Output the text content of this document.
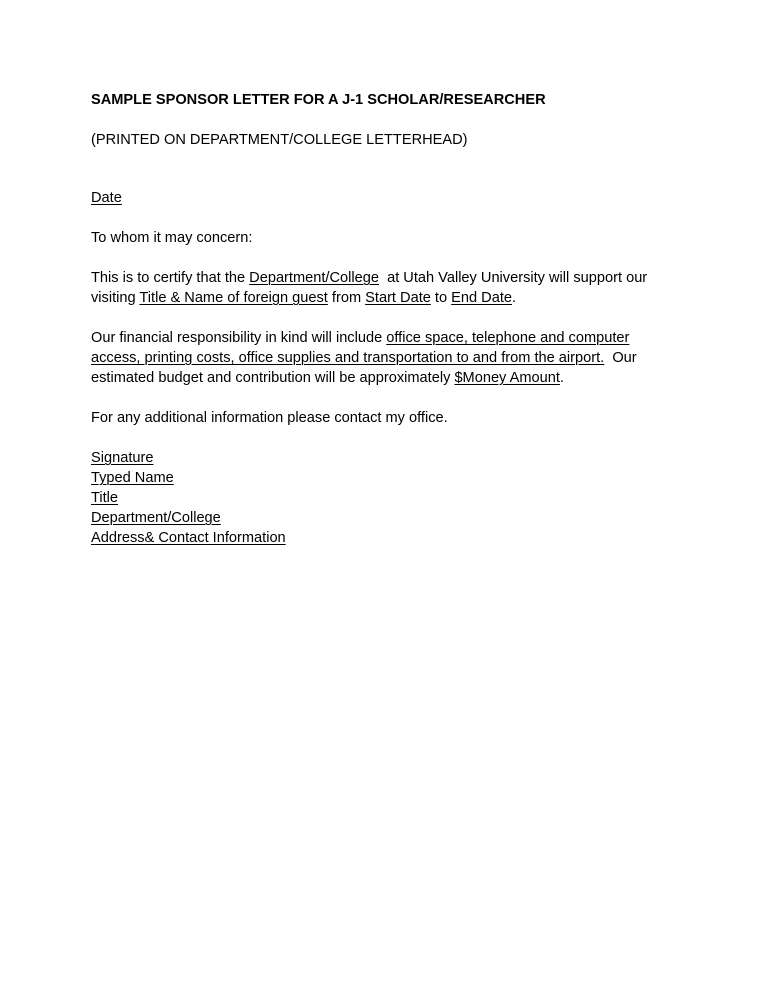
SAMPLE SPONSOR LETTER FOR A J-1 SCHOLAR/RESEARCHER

(PRINTED ON DEPARTMENT/COLLEGE LETTERHEAD)

Date

To whom it may concern:

This is to certify that the Department/College  at Utah Valley University will support our

visiting Title & Name of foreign guest from Start Date to End Date.

Our financial responsibility in kind will include office space, telephone and computer

access, printing costs, office supplies and transportation to and from the airport.  Our

estimated budget and contribution will be approximately $Money Amount.

For any additional information please contact my office.

Signature

Typed Name

Title

Department/College

Address& Contact Information
